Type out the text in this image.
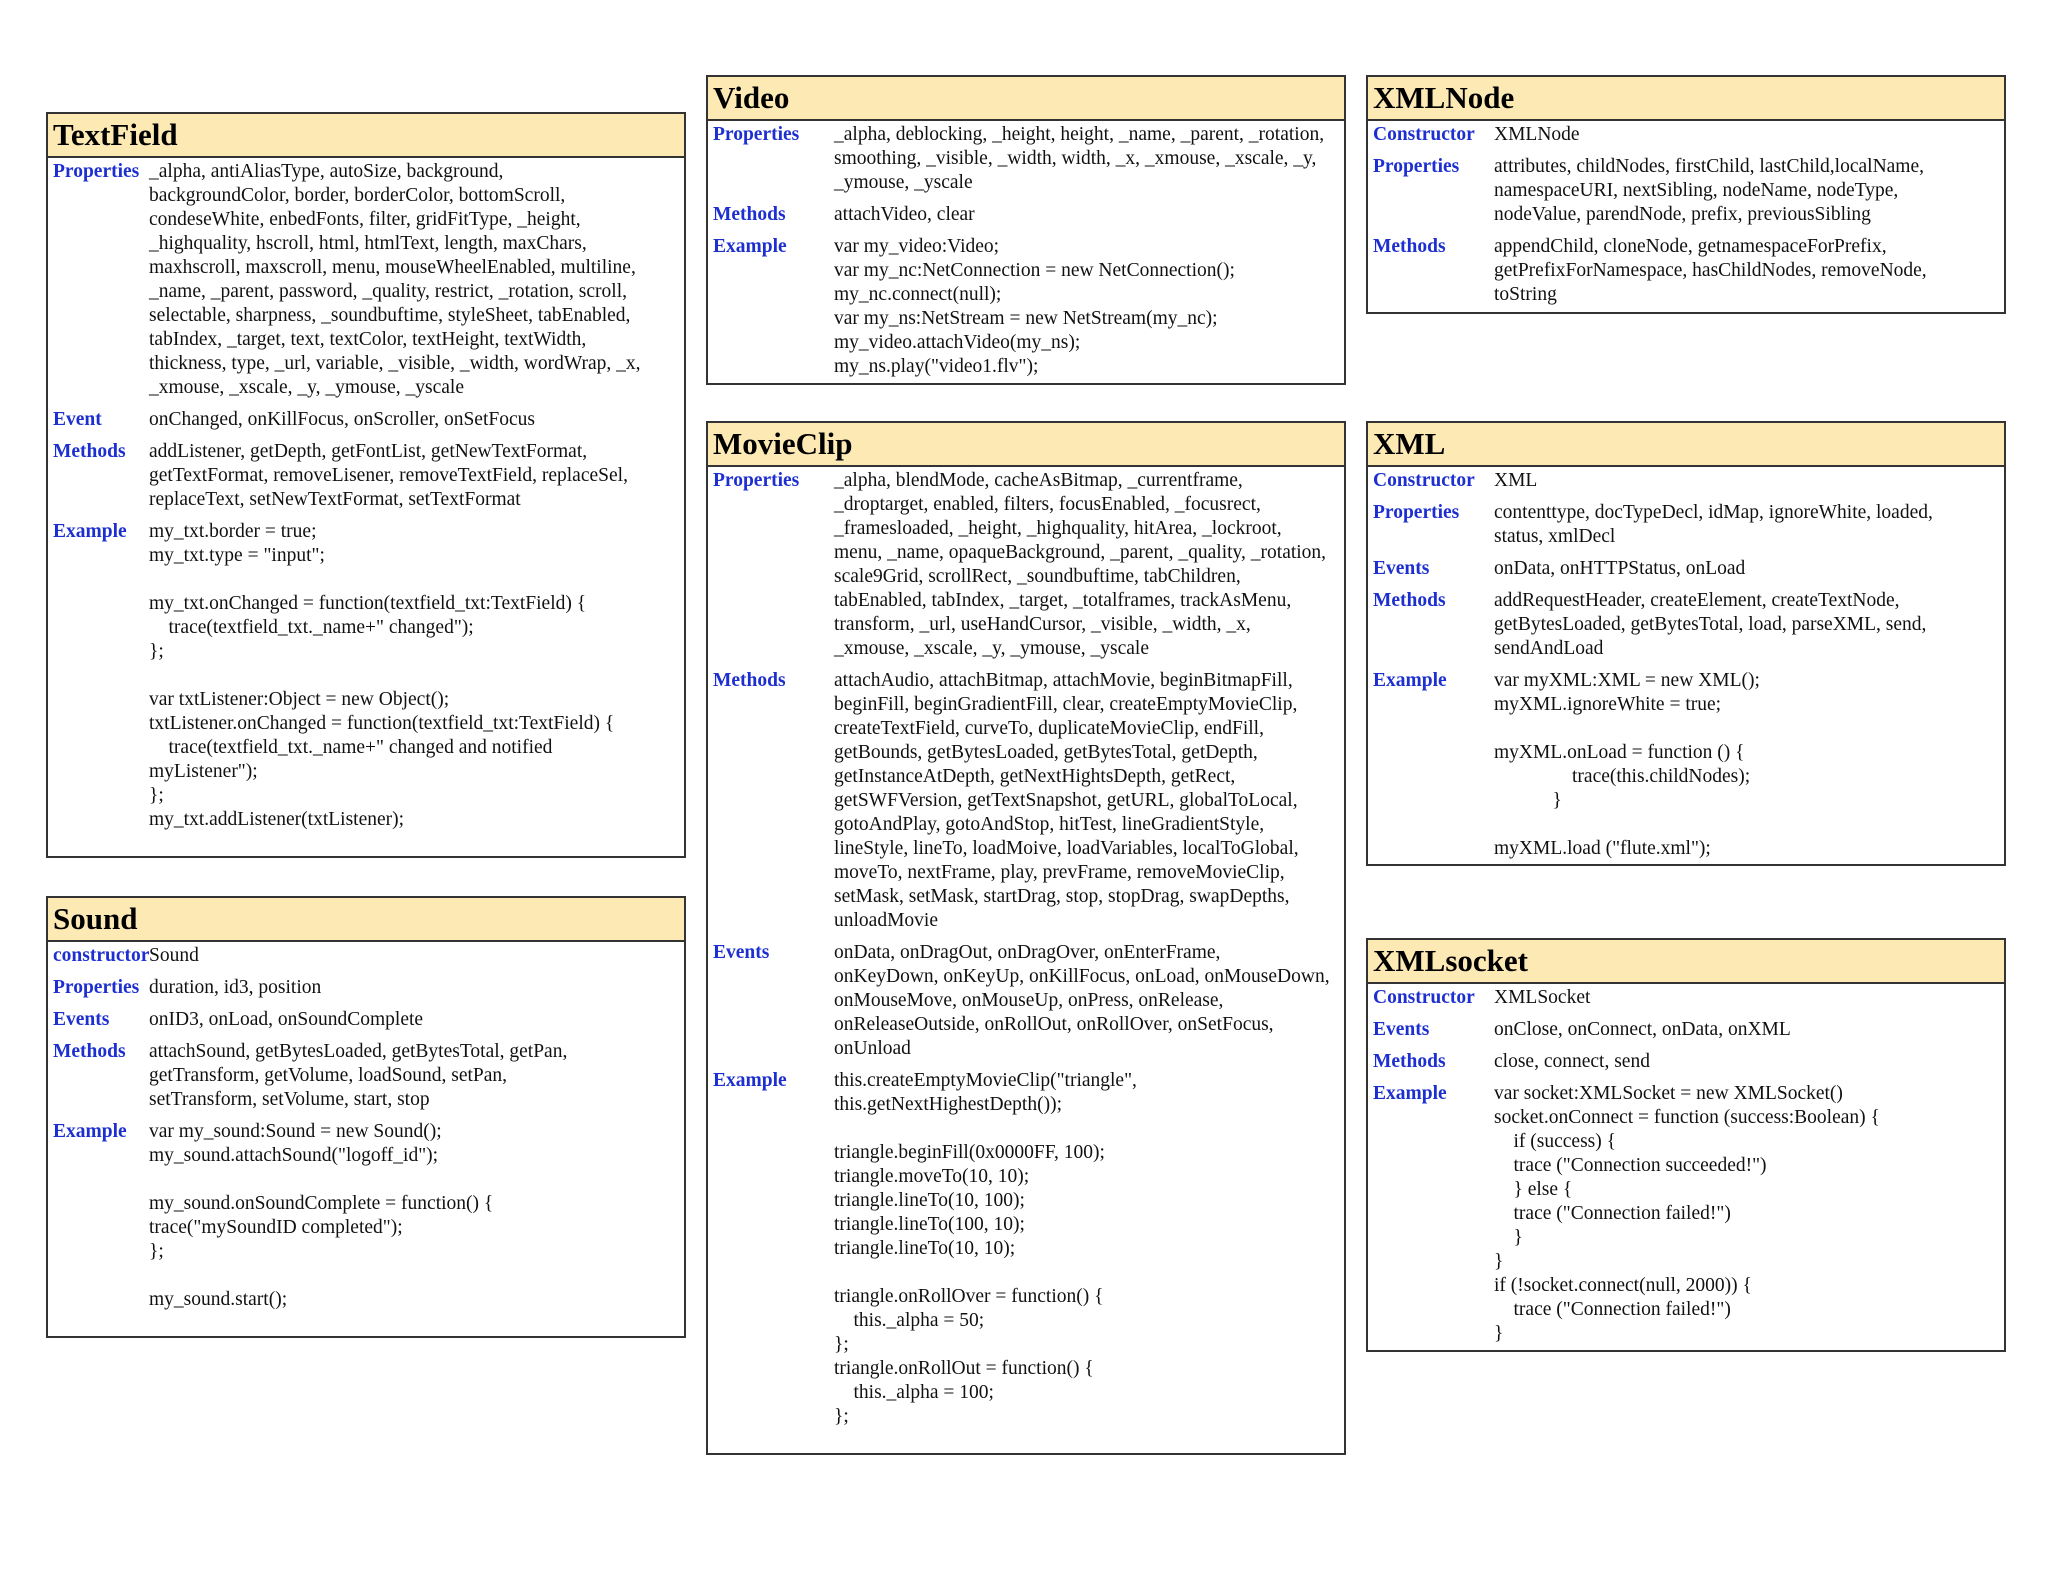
TextField
Properties _alpha, antiAliasType, autoSize, background,
backgroundColor, border, borderColor, bottomScroll,
condeseWhite, enbedFonts, filter, gridFitType, _height,
_highquality, hscroll, html, htmlText, length, maxChars,
maxhscroll, maxscroll, menu, mouseWheelEnabled, multiline,
_name, _parent, password, _quality, restrict, _rotation, scroll,
selectable, sharpness, _soundbuftime, styleSheet, tabEnabled,
tabIndex, _target, text, textColor, textHeight, textWidth,
thickness, type, _url, variable, _visible, _width, wordWrap, _x,
_xmouse, _xscale, _y, _ymouse, _yscale
Event	onChanged, onKillFocus, onScroller, onSetFocus
Methods	addListener, getDepth, getFontList, getNewTextFormat,
getTextFormat, removeLisener, removeTextField, replaceSel,
replaceText, setNewTextFormat, setTextFormat
Example	my_txt.border = true;
my_txt.type = "input";

my_txt.onChanged = function(textfield_txt:TextField) {
trace(textfield_txt._name+" changed");
};

var txtListener:Object = new Object();
txtListener.onChanged = function(textfield_txt:TextField) {
trace(textfield_txt._name+" changed and notified
myListener");
};
my_txt.addListener(txtListener);
Sound
constructor Sound
Properties duration, id3, position
Events	onID3, onLoad, onSoundComplete
Methods	attachSound, getBytesLoaded, getBytesTotal, getPan,
getTransform, getVolume, loadSound, setPan,
setTransform, setVolume, start, stop
Example	var my_sound:Sound = new Sound();
my_sound.attachSound("logoff_id");

my_sound.onSoundComplete = function() {
trace("mySoundID completed");
};

my_sound.start();
Video
Properties	_alpha, deblocking, _height, height, _name, _parent, _rotation,
smoothing, _visible, _width, width, _x, _xmouse, _xscale, _y,
_ymouse, _yscale
Methods	attachVideo, clear
Example	var my_video:Video;
var my_nc:NetConnection = new NetConnection();
my_nc.connect(null);
var my_ns:NetStream = new NetStream(my_nc);
my_video.attachVideo(my_ns);
my_ns.play("video1.flv");
MovieClip
Properties	_alpha, blendMode, cacheAsBitmap, _currentframe,
_droptarget, enabled, filters, focusEnabled, _focusrect,
_framesloaded, _height, _highquality, hitArea, _lockroot,
menu, _name, opaqueBackground, _parent, _quality, _rotation,
scale9Grid, scrollRect, _soundbuftime, tabChildren,
tabEnabled, tabIndex, _target, _totalframes, trackAsMenu,
transform, _url, useHandCursor, _visible, _width, _x,
_xmouse, _xscale, _y, _ymouse, _yscale
Methods	attachAudio, attachBitmap, attachMovie, beginBitmapFill,
beginFill, beginGradientFill, clear, createEmptyMovieClip,
createTextField, curveTo, duplicateMovieClip, endFill,
getBounds, getBytesLoaded, getBytesTotal, getDepth,
getInstanceAtDepth, getNextHightsDepth, getRect,
getSWFVersion, getTextSnapshot, getURL, globalToLocal,
gotoAndPlay, gotoAndStop, hitTest, lineGradientStyle,
lineStyle, lineTo, loadMoive, loadVariables, localToGlobal,
moveTo, nextFrame, play, prevFrame, removeMovieClip,
setMask, setMask, startDrag, stop, stopDrag, swapDepths,
unloadMovie
Events	onData, onDragOut, onDragOver, onEnterFrame,
onKeyDown, onKeyUp, onKillFocus, onLoad, onMouseDown,
onMouseMove, onMouseUp, onPress, onRelease,
onReleaseOutside, onRollOut, onRollOver, onSetFocus,
onUnload
Example	this.createEmptyMovieClip("triangle",
this.getNextHighestDepth());

triangle.beginFill(0x0000FF, 100);
triangle.moveTo(10, 10);
triangle.lineTo(10, 100);
triangle.lineTo(100, 10);
triangle.lineTo(10, 10);

triangle.onRollOver = function() {
this._alpha = 50;
};
triangle.onRollOut = function() {
this._alpha = 100;
};
XMLNode
Constructor XMLNode
Properties	attributes, childNodes, firstChild, lastChild,localName,
namespaceURI, nextSibling, nodeName, nodeType,
nodeValue, parendNode, prefix, previousSibling
Methods	appendChild, cloneNode, getnamespaceForPrefix,
getPrefixForNamespace, hasChildNodes, removeNode,
toString
XML
Constructor XML
Properties	contenttype, docTypeDecl, idMap, ignoreWhite, loaded,
status, xmlDecl
Events	onData, onHTTPStatus, onLoad
Methods	addRequestHeader, createElement, createTextNode,
getBytesLoaded, getBytesTotal, load, parseXML, send,
sendAndLoad
Example	var myXML:XML = new XML();
myXML.ignoreWhite = true;

myXML.onLoad = function () {
trace(this.childNodes);
}

myXML.load ("flute.xml");
XMLsocket
Constructor XMLSocket
Events	onClose, onConnect, onData, onXML
Methods	close, connect, send
Example	var socket:XMLSocket = new XMLSocket()
socket.onConnect = function (success:Boolean) {
if (success) {
trace ("Connection succeeded!")
} else {
trace ("Connection failed!")
}
}
if (!socket.connect(null, 2000)) {
trace ("Connection failed!")
}
